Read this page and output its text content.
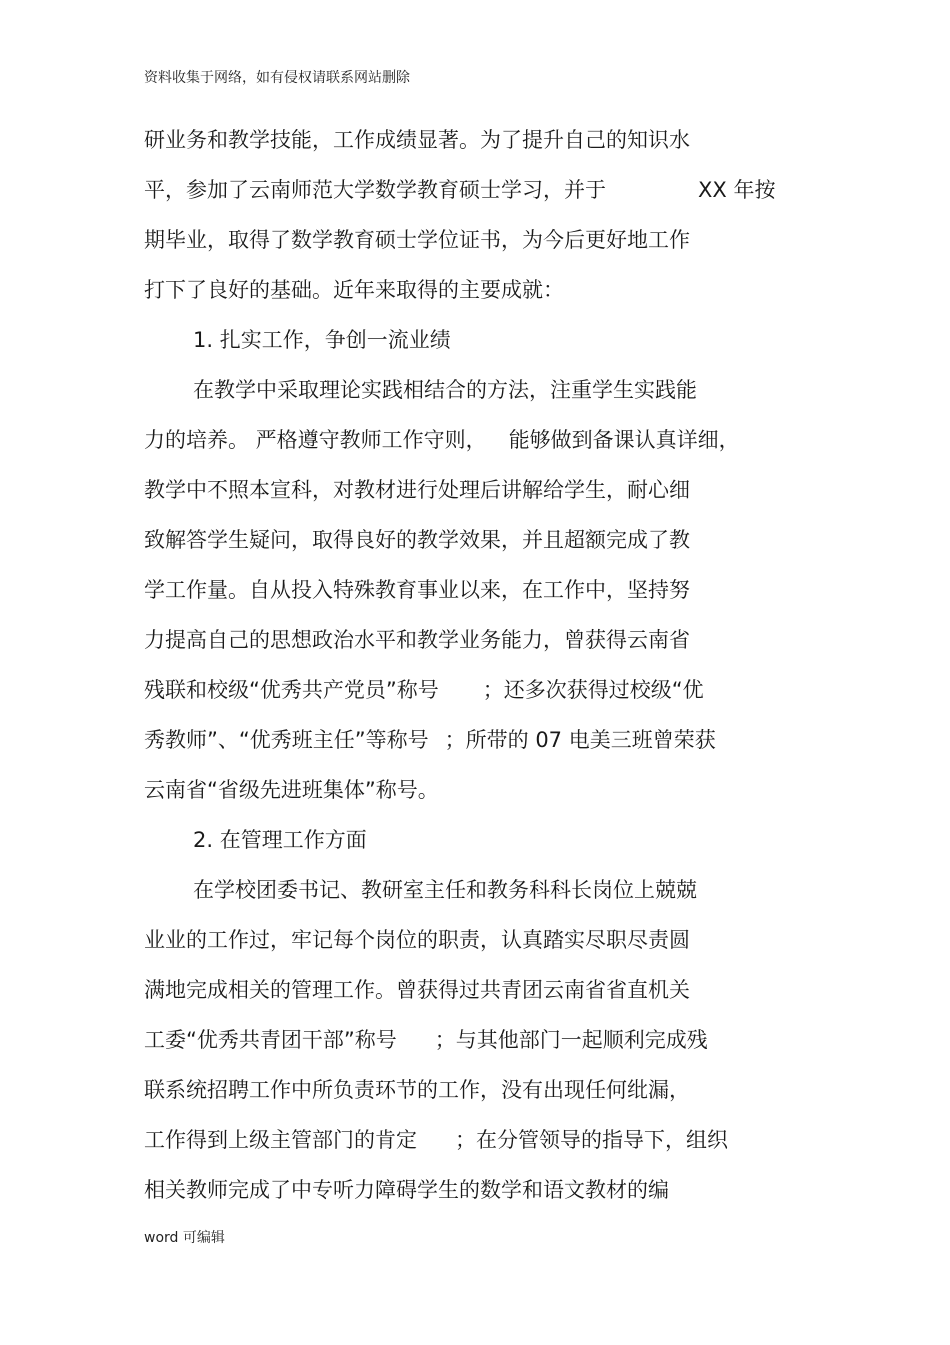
资料收集于网络，如有侵权请联系网站删除
研业务和教学技能，工作成绩显著。为了提升自己的知识水
平，参加了云南师范大学数学教育硕士学习，并于	XX 年按
期毕业，取得了数学教育硕士学位证书，为今后更好地工作
打下了良好的基础。近年来取得的主要成就：
1. 扎实工作，争创一流业绩
在教学中采取理论实践相结合的方法，注重学生实践能
力的培养。 严格遵守教师工作守则， 能够做到备课认真详细，
教学中不照本宣科，对教材进行处理后讲解给学生，耐心细
致解答学生疑问，取得良好的教学效果，并且超额完成了教
学工作量。自从投入特殊教育事业以来，在工作中，坚持努
力提高自己的思想政治水平和教学业务能力，曾获得云南省
残联和校级“优秀共产党员”称号 ；还多次获得过校级“优
秀教师”、“优秀班主任”等称号 ；所带的 07 电美三班曾荣获
云南省“省级先进班集体”称号。
2. 在管理工作方面
在学校团委书记、教研室主任和教务科科长岗位上兢兢
业业的工作过，牢记每个岗位的职责，认真踏实尽职尽责圆
满地完成相关的管理工作。曾获得过共青团云南省省直机关
工委“优秀共青团干部”称号 ；与其他部门一起顺利完成残
联系统招聘工作中所负责环节的工作，没有出现任何纰漏，
工作得到上级主管部门的肯定 ；在分管领导的指导下，组织
相关教师完成了中专听力障碍学生的数学和语文教材的编
word 可编辑
